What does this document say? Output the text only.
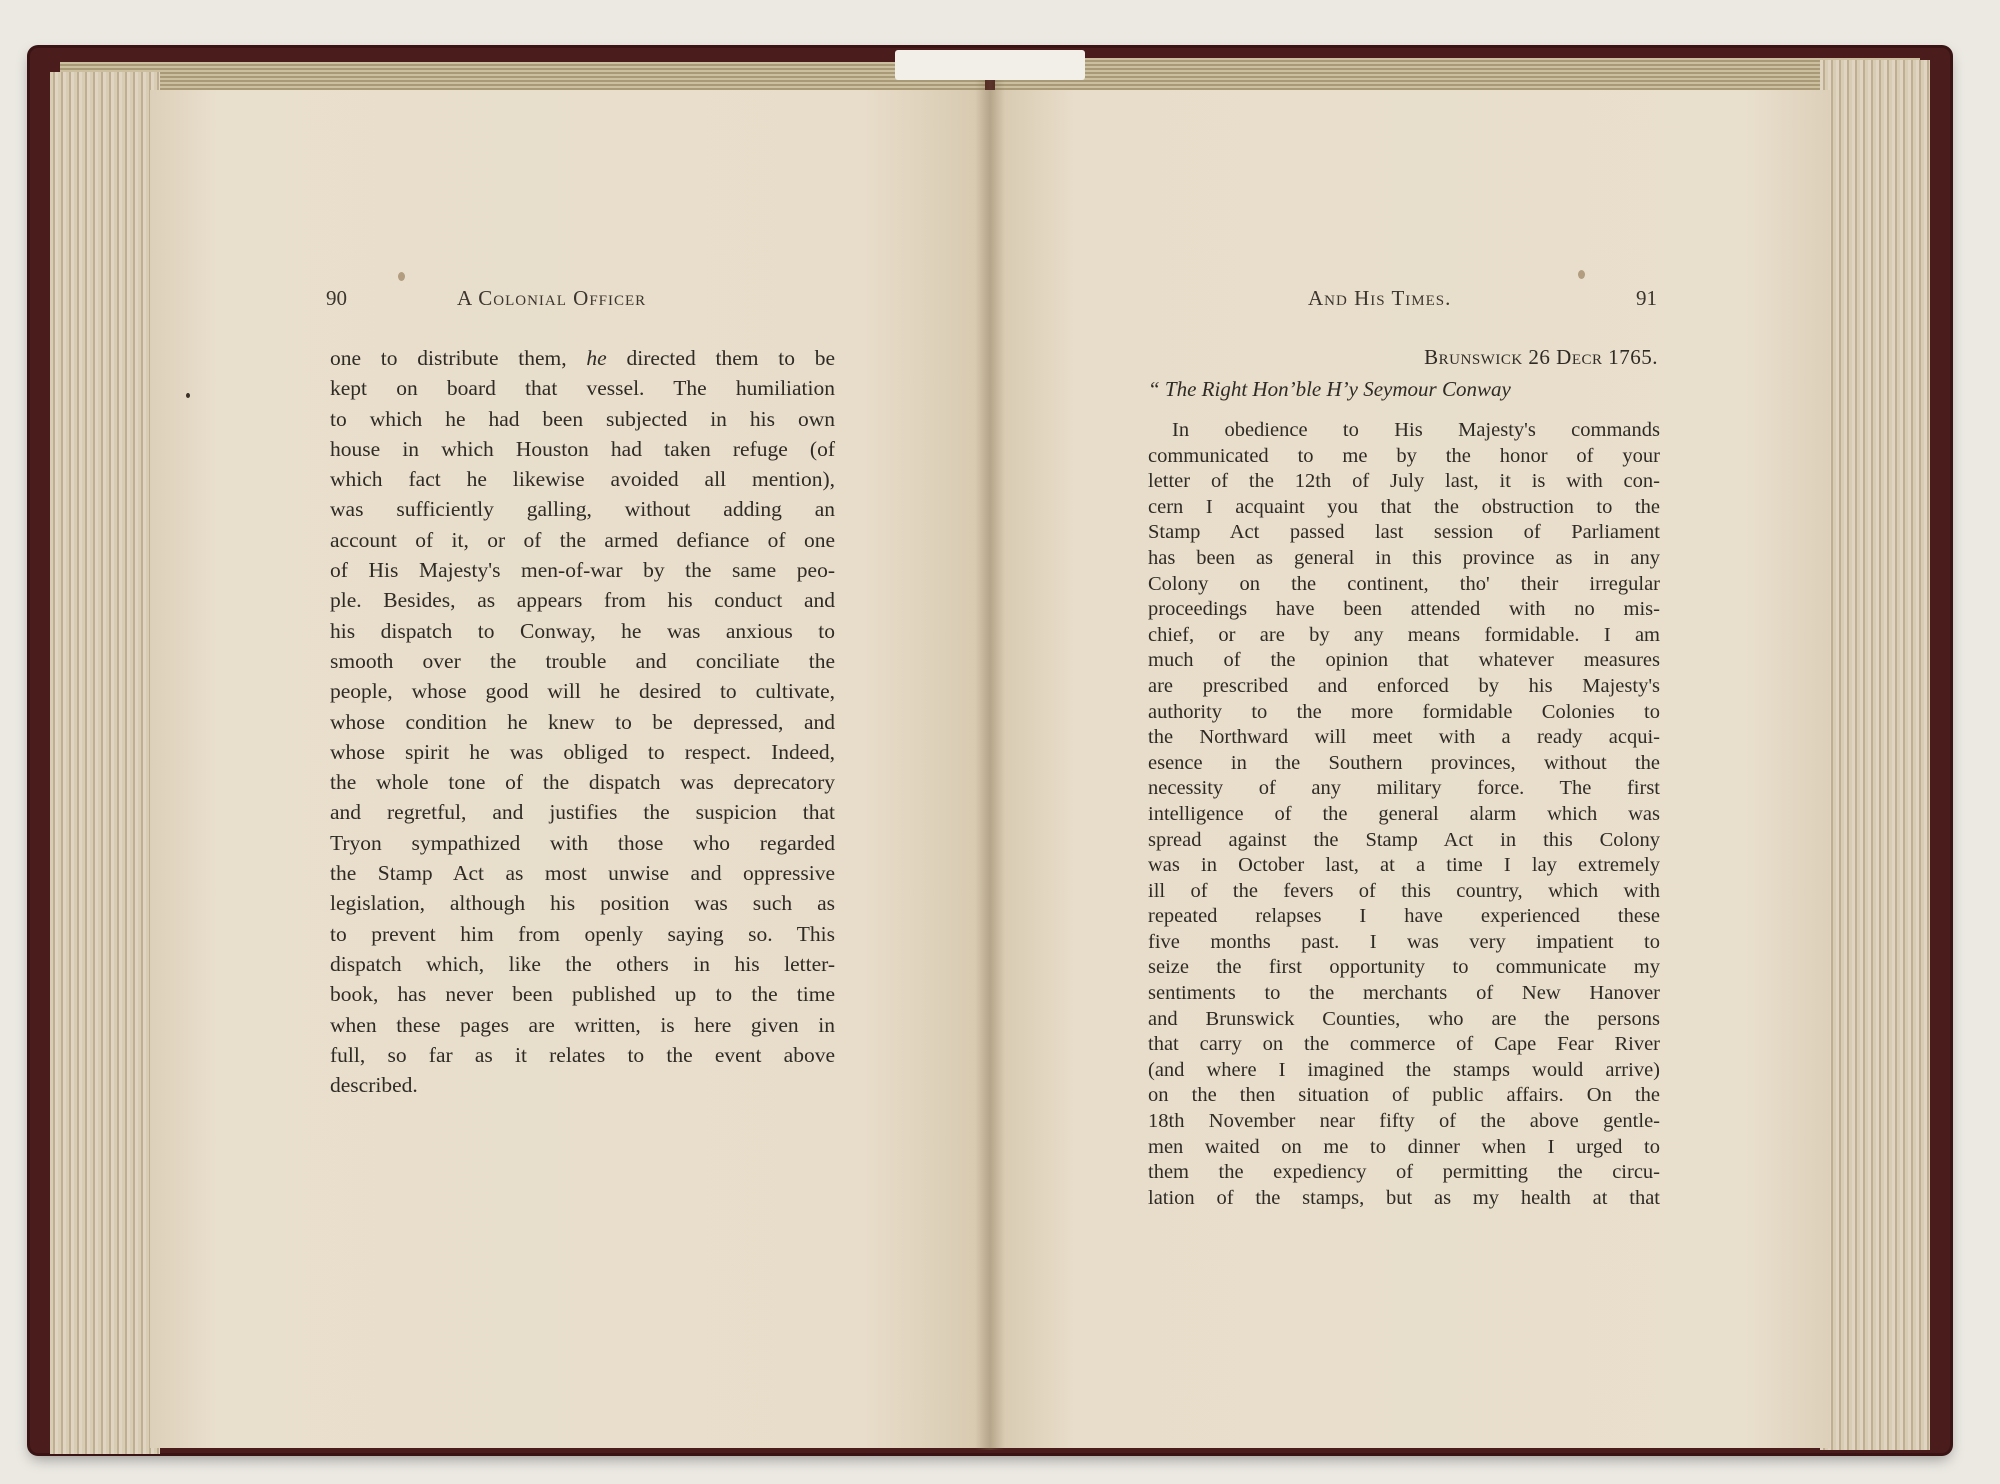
90	A Colonial Officer
one to distribute them, he directed them to be
kept on board that vessel. The humiliation
to which he had been subjected in his own
house in which Houston had taken refuge (of
which fact he likewise avoided all mention),
was sufficiently galling, without adding an
account of it, or of the armed defiance of one
of His Majesty's men-of-war by the same peo-
ple. Besides, as appears from his conduct and
his dispatch to Conway, he was anxious to
smooth over the trouble and conciliate the
people, whose good will he desired to cultivate,
whose condition he knew to be depressed, and
whose spirit he was obliged to respect. Indeed,
the whole tone of the dispatch was deprecatory
and regretful, and justifies the suspicion that
Tryon sympathized with those who regarded
the Stamp Act as most unwise and oppressive
legislation, although his position was such as
to prevent him from openly saying so. This
dispatch which, like the others in his letter-
book, has never been published up to the time
when these pages are written, is here given in
full, so far as it relates to the event above
described.
And His Times.	91
Brunswick 26 Decr 1765.
“ The Right Hon’ble H’y Seymour Conway
In obedience to His Majesty's commands
communicated to me by the honor of your
letter of the 12th of July last, it is with con-
cern I acquaint you that the obstruction to the
Stamp Act passed last session of Parliament
has been as general in this province as in any
Colony on the continent, tho' their irregular
proceedings have been attended with no mis-
chief, or are by any means formidable. I am
much of the opinion that whatever measures
are prescribed and enforced by his Majesty's
authority to the more formidable Colonies to
the Northward will meet with a ready acqui-
esence in the Southern provinces, without the
necessity of any military force. The first
intelligence of the general alarm which was
spread against the Stamp Act in this Colony
was in October last, at a time I lay extremely
ill of the fevers of this country, which with
repeated relapses I have experienced these
five months past. I was very impatient to
seize the first opportunity to communicate my
sentiments to the merchants of New Hanover
and Brunswick Counties, who are the persons
that carry on the commerce of Cape Fear River
(and where I imagined the stamps would arrive)
on the then situation of public affairs. On the
18th November near fifty of the above gentle-
men waited on me to dinner when I urged to
them the expediency of permitting the circu-
lation of the stamps, but as my health at that
